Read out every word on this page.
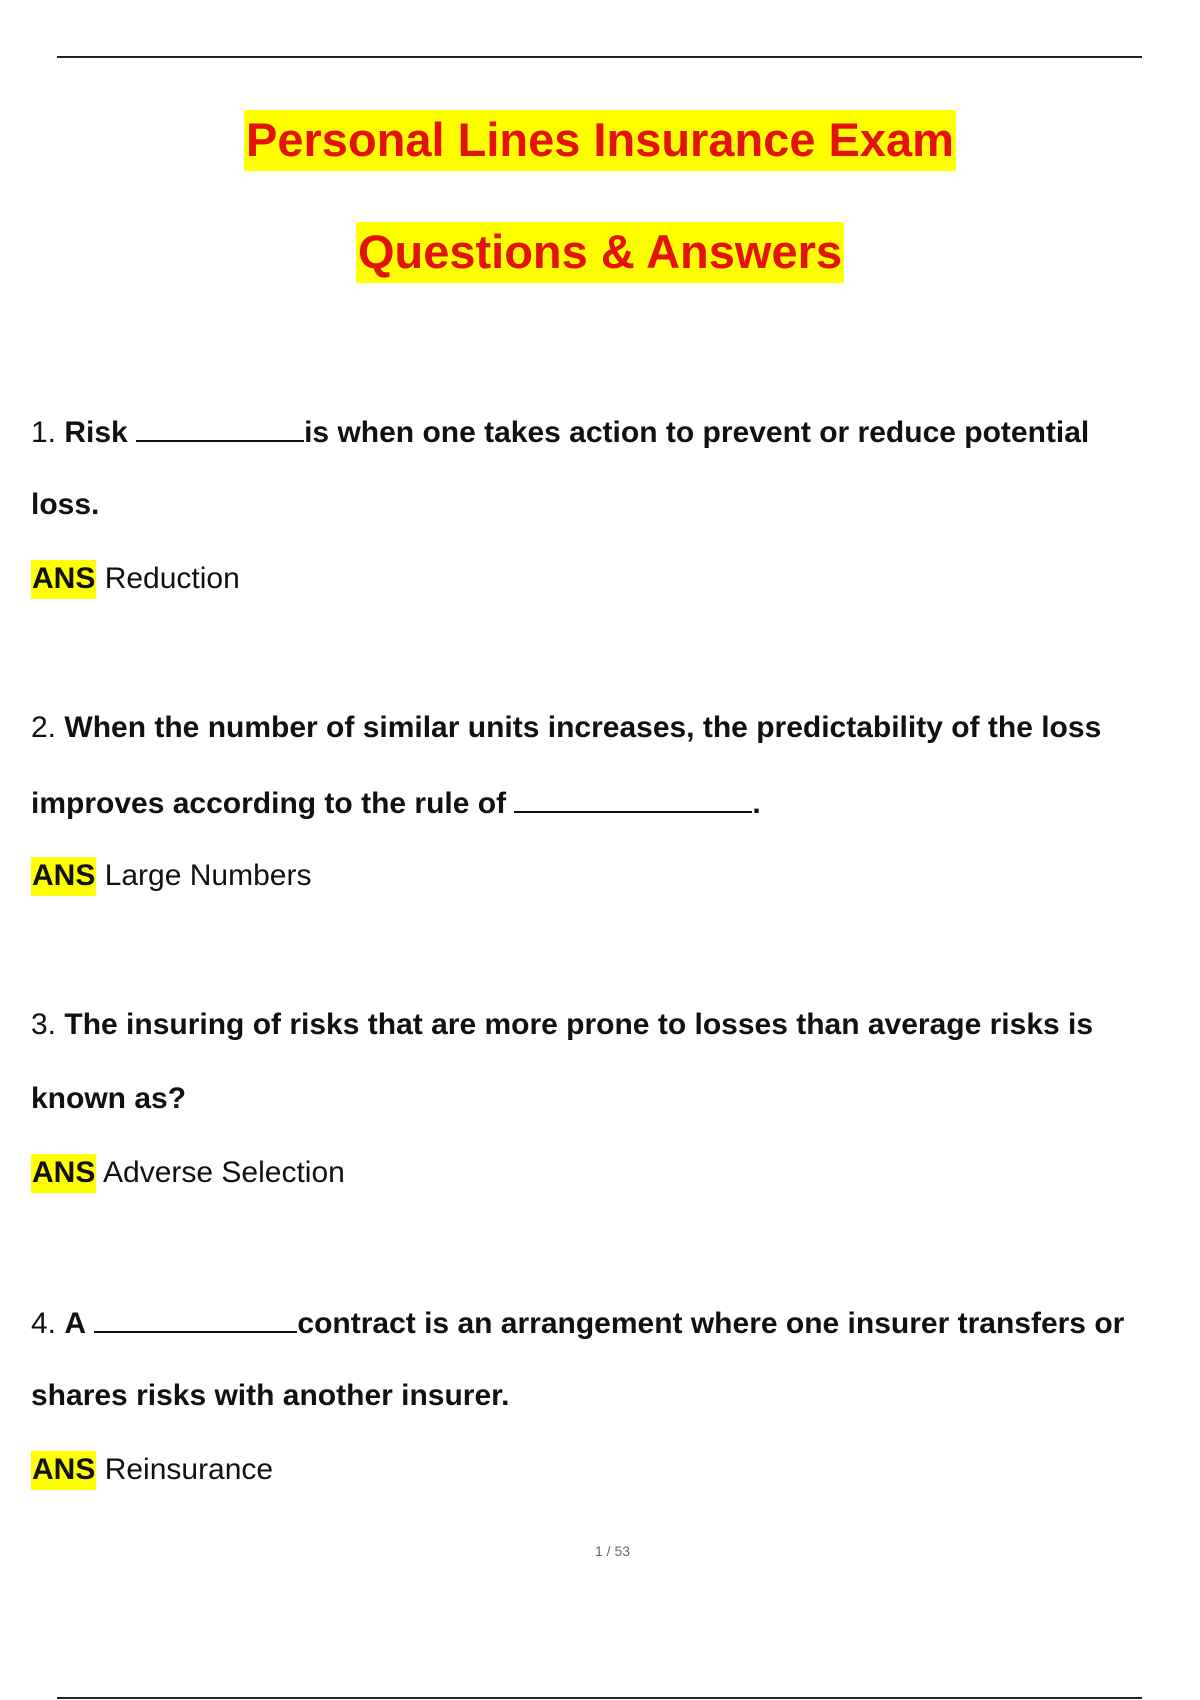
Personal Lines Insurance Exam
Questions & Answers
1. Risk	is when one takes action to prevent or reduce potential
loss.
ANS Reduction
2. When the number of similar units increases, the predictability of the loss
improves according to the rule of	.
ANS Large Numbers
3. The insuring of risks that are more prone to losses than average risks is
known as?
ANS Adverse Selection
4. A	contract is an arrangement where one insurer transfers or
shares risks with another insurer.
ANS Reinsurance
1 / 53
